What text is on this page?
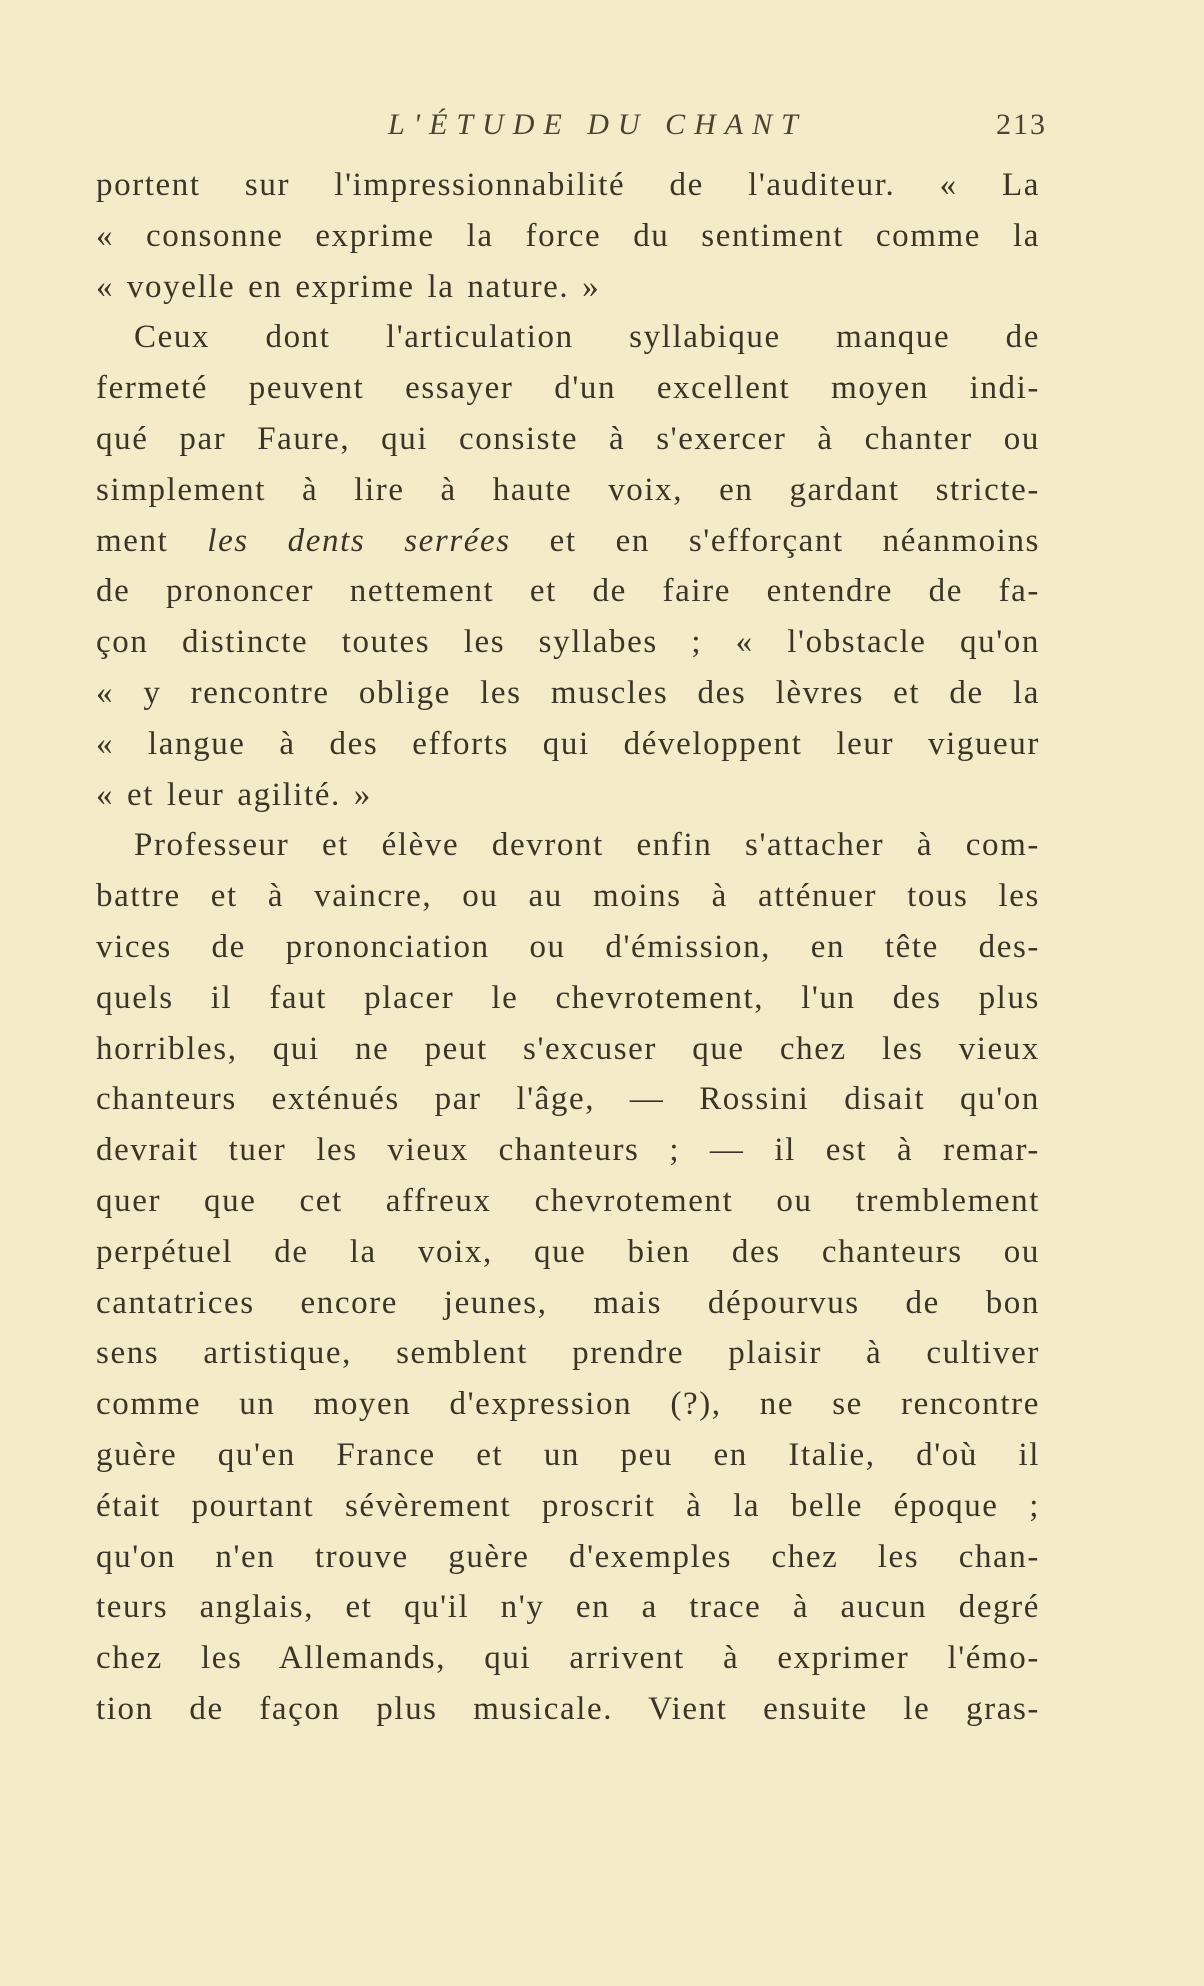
L'ÉTUDE DU CHANT	213
portent sur l'impressionnabilité de l'auditeur. « La
« consonne exprime la force du sentiment comme la
« voyelle en exprime la nature. »
Ceux dont l'articulation syllabique manque de
fermeté peuvent essayer d'un excellent moyen indi-
qué par Faure, qui consiste à s'exercer à chanter ou
simplement à lire à haute voix, en gardant stricte-
ment les dents serrées et en s'efforçant néanmoins
de prononcer nettement et de faire entendre de fa-
çon distincte toutes les syllabes ; « l'obstacle qu'on
« y rencontre oblige les muscles des lèvres et de la
« langue à des efforts qui développent leur vigueur
« et leur agilité. »
Professeur et élève devront enfin s'attacher à com-
battre et à vaincre, ou au moins à atténuer tous les
vices de prononciation ou d'émission, en tête des-
quels il faut placer le chevrotement, l'un des plus
horribles, qui ne peut s'excuser que chez les vieux
chanteurs exténués par l'âge, — Rossini disait qu'on
devrait tuer les vieux chanteurs ; — il est à remar-
quer que cet affreux chevrotement ou tremblement
perpétuel de la voix, que bien des chanteurs ou
cantatrices encore jeunes, mais dépourvus de bon
sens artistique, semblent prendre plaisir à cultiver
comme un moyen d'expression (?), ne se rencontre
guère qu'en France et un peu en Italie, d'où il
était pourtant sévèrement proscrit à la belle époque ;
qu'on n'en trouve guère d'exemples chez les chan-
teurs anglais, et qu'il n'y en a trace à aucun degré
chez les Allemands, qui arrivent à exprimer l'émo-
tion de façon plus musicale. Vient ensuite le gras-
